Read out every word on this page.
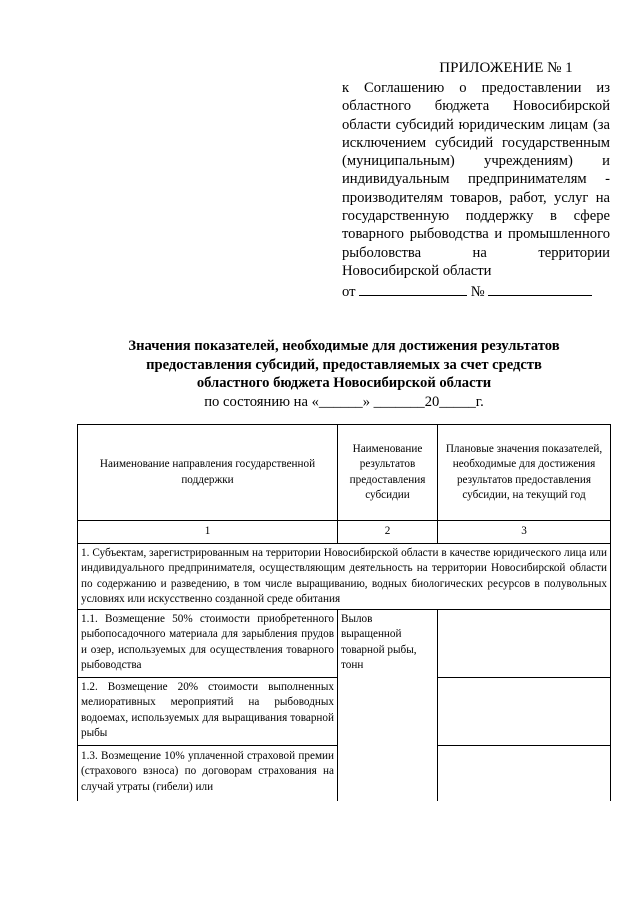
ПРИЛОЖЕНИЕ № 1
к Соглашению о предоставлении из областного бюджета Новосибирской области субсидий юридическим лицам (за исключением субсидий государственным (муниципальным) учреждениям) и индивидуальным предпринимателям - производителям товаров, работ, услуг на государственную поддержку в сфере товарного рыбоводства и промышленного рыболовства на территории Новосибирской области
от	№
Значения показателей, необходимые для достижения результатов
предоставления субсидий, предоставляемых за счет средств
областного бюджета Новосибирской области
по состоянию на «______» _______20_____г.
Наименование направления государственной поддержки	Наименование результатов предоставления субсидии	Плановые значения показателей, необходимые для достижения результатов предоставления субсидии, на текущий год
1	2	3
1. Субъектам, зарегистрированным на территории Новосибирской области в качестве юридического лица или индивидуального предпринимателя, осуществляющим деятельность на территории Новосибирской области по содержанию и разведению, в том числе выращиванию, водных биологических ресурсов в полувольных условиях или искусственно созданной среде обитания		
1.1. Возмещение 50% стоимости приобретенного рыбопосадочного материала для зарыбления прудов и озер, используемых для осуществления товарного рыбоводства	Вылов выращенной товарной рыбы, тонн	
1.2. Возмещение 20% стоимости выполненных мелиоративных мероприятий на рыбоводных водоемах, используемых для выращивания товарной рыбы		

1.3. Возмещение 10% уплаченной страховой премии (страхового взноса) по договорам страхования на случай утраты (гибели) или		
